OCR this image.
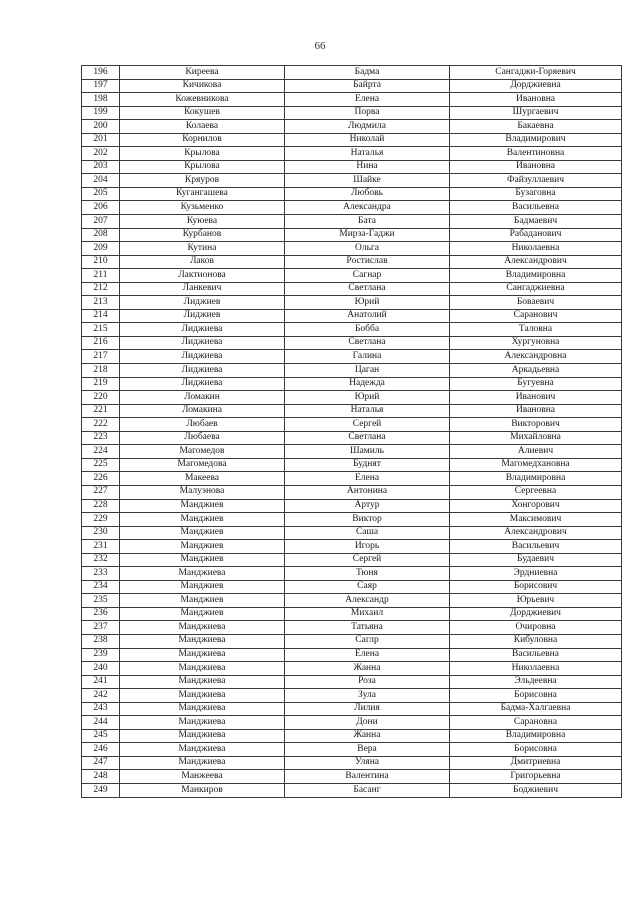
66
196	Киреева	Бадма	Сангаджи-Горяевич
197	Кичикова	Байрта	Дорджиевна
198	Кожевникова	Елена	Ивановна
199	Кокушев	Порва	Шургаевич
200	Колаева	Людмила	Бакаевна
201	Корнилов	Николай	Владимирович
202	Крылова	Наталья	Валентиновна
203	Крылова	Нина	Ивановна
204	Кряуров	Шайке	Файзуллаевич
205	Кугангашева	Любовь	Бузаговна
206	Кузьменко	Александра	Васильевна
207	Куюева	Бата	Бадмаевич
208	Курбанов	Мирза-Гаджи	Рабаданович
209	Кутина	Ольга	Николаевна
210	Лаков	Ростислав	Александрович
211	Лактионова	Сагнар	Владимировна
212	Ланкевич	Светлана	Сангаджиевна
213	Лиджиев	Юрий	Боваевич
214	Лиджиев	Анатолий	Саранович
215	Лиджиева	Бобба	Таловна
216	Лиджиева	Светлана	Хургуновна
217	Лиджиева	Галина	Александровна
218	Лиджиева	Цаган	Аркадьевна
219	Лиджиева	Надежда	Бугуевна
220	Ломакин	Юрий	Иванович
221	Ломакина	Наталья	Ивановна
222	Любаев	Сергей	Викторович
223	Любаева	Светлана	Михайловна
224	Магомедов	Шамиль	Алиевич
225	Магомедова	Буднят	Магомедхановна
226	Макеева	Елена	Владимировна
227	Малуэнова	Антонина	Сергеевна
228	Манджиев	Артур	Хонгорович
229	Манджиев	Виктор	Максимович
230	Манджиев	Саша	Александрович
231	Манджиев	Игорь	Васильевич
232	Манджиев	Сергей	Будаевич
233	Манджиева	Тюня	Эрдниевна
234	Манджиев	Саяр	Борисович
235	Манджиев	Александр	Юрьевич
236	Манджиев	Михаил	Дорджиевич
237	Манджиева	Татьяна	Очировна
238	Манджиева	Саглр	Кибуловна
239	Манджиева	Елена	Васильевна
240	Манджиева	Жанна	Николаевна
241	Манджиева	Роза	Эльдеевна
242	Манджиева	Зула	Борисовна
243	Манджиева	Лилия	Бадма-Халгаевна
244	Манджиева	Дони	Сарановна
245	Манджиева	Жанна	Владимировна
246	Манджиева	Вера	Борисовна
247	Манджиева	Уляна	Дмитриевна
248	Манжеева	Валентина	Григорьевна
249	Манкиров	Басанг	Боджиевич
